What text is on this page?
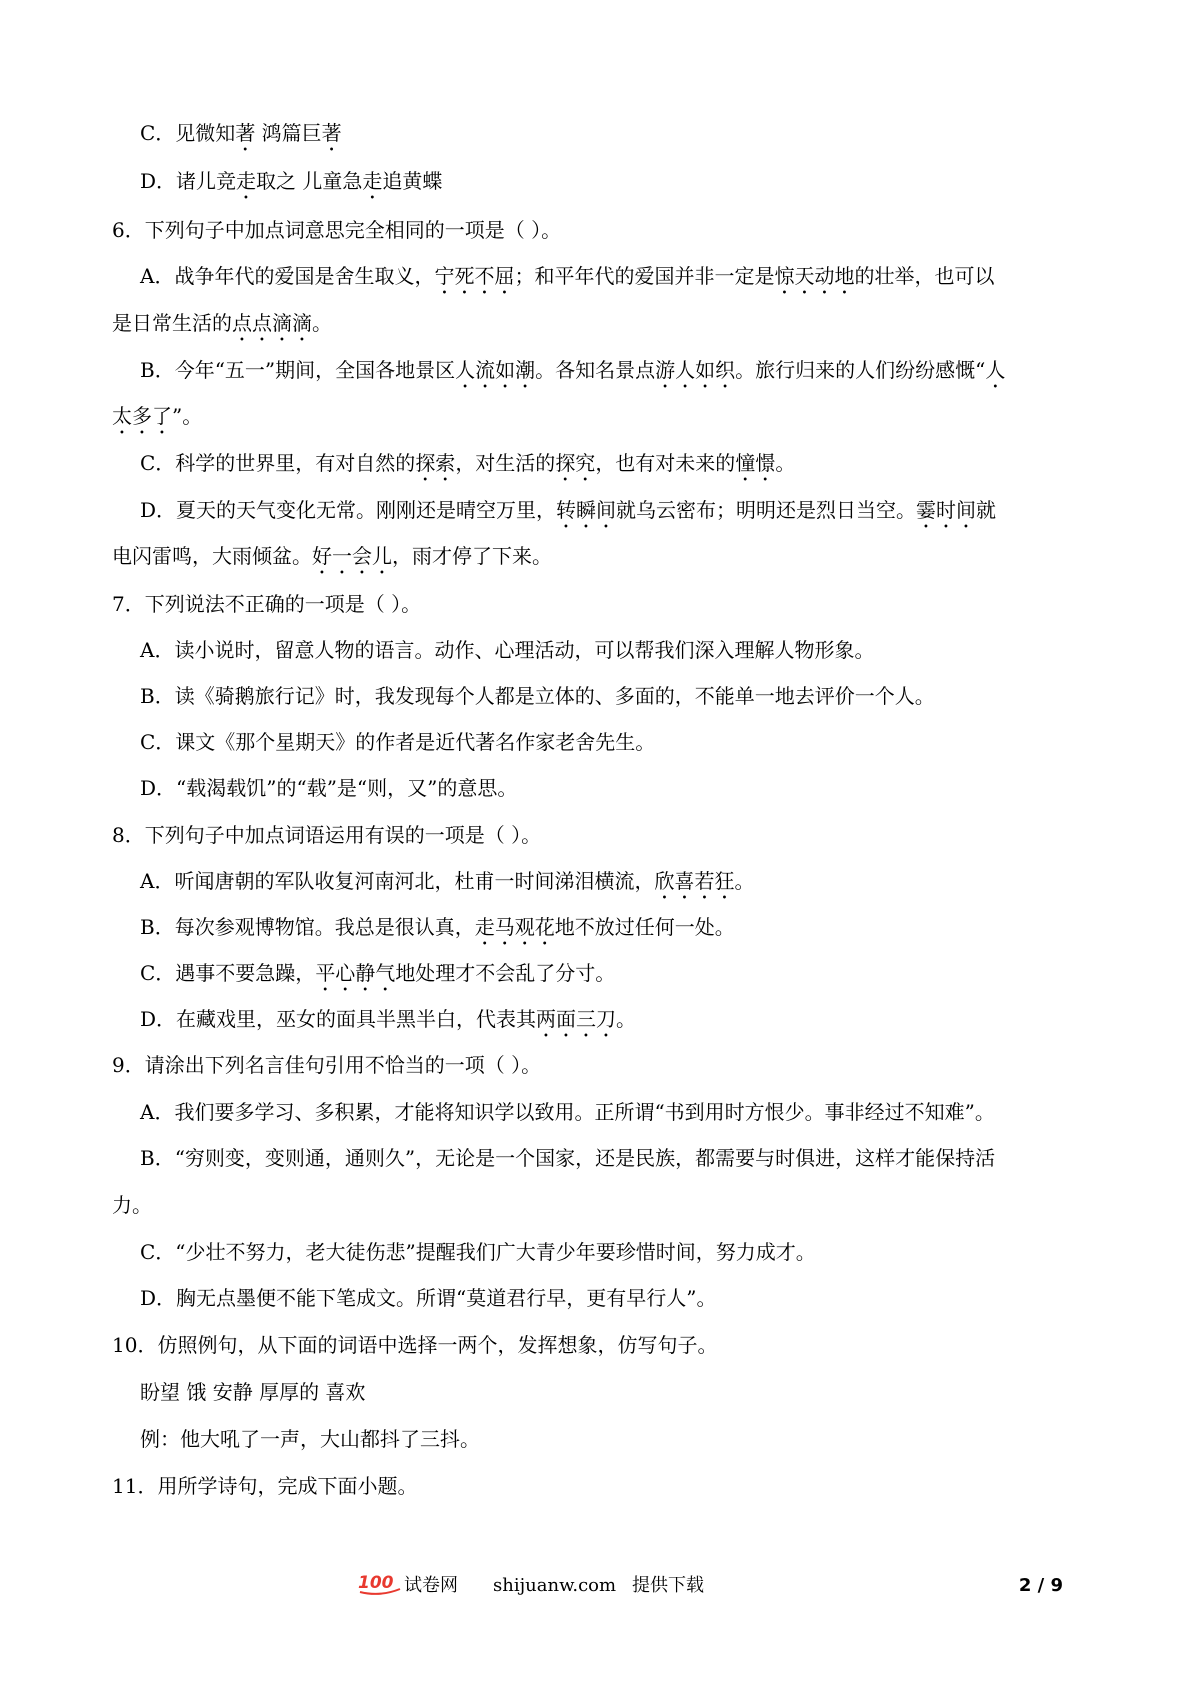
C．见微知著 鸿篇巨著
D．诸儿竞走取之 儿童急走追黄蝶
6．下列句子中加点词意思完全相同的一项是（ ）。
A．战争年代的爱国是舍生取义，宁死不屈；和平年代的爱国并非一定是惊天动地的壮举，也可以
是日常生活的点点滴滴。
B．今年“五一”期间，全国各地景区人流如潮。各知名景点游人如织。旅行归来的人们纷纷感慨“人
太多了”。
C．科学的世界里，有对自然的探索，对生活的探究，也有对未来的憧憬。
D．夏天的天气变化无常。刚刚还是晴空万里，转瞬间就乌云密布；明明还是烈日当空。霎时间就
电闪雷鸣，大雨倾盆。好一会儿，雨才停了下来。
7．下列说法不正确的一项是（ ）。
A．读小说时，留意人物的语言。动作、心理活动，可以帮我们深入理解人物形象。
B．读《骑鹅旅行记》时，我发现每个人都是立体的、多面的，不能单一地去评价一个人。
C．课文《那个星期天》的作者是近代著名作家老舍先生。
D．“载渴载饥”的“载”是“则，又”的意思。
8．下列句子中加点词语运用有误的一项是（ ）。
A．听闻唐朝的军队收复河南河北，杜甫一时间涕泪横流，欣喜若狂。
B．每次参观博物馆。我总是很认真，走马观花地不放过任何一处。
C．遇事不要急躁，平心静气地处理才不会乱了分寸。
D．在藏戏里，巫女的面具半黑半白，代表其两面三刀。
9．请涂出下列名言佳句引用不恰当的一项（ ）。
A．我们要多学习、多积累，才能将知识学以致用。正所谓“书到用时方恨少。事非经过不知难”。
B．“穷则变，变则通，通则久”，无论是一个国家，还是民族，都需要与时俱进，这样才能保持活
力。
C．“少壮不努力，老大徒伤悲”提醒我们广大青少年要珍惜时间，努力成才。
D．胸无点墨便不能下笔成文。所谓“莫道君行早，更有早行人”。
10．仿照例句，从下面的词语中选择一两个，发挥想象，仿写句子。
盼望 饿 安静 厚厚的 喜欢
例：他大吼了一声，大山都抖了三抖。
11．用所学诗句，完成下面小题。
100 试卷网 shijuanw.com 提供下载	2 / 9
